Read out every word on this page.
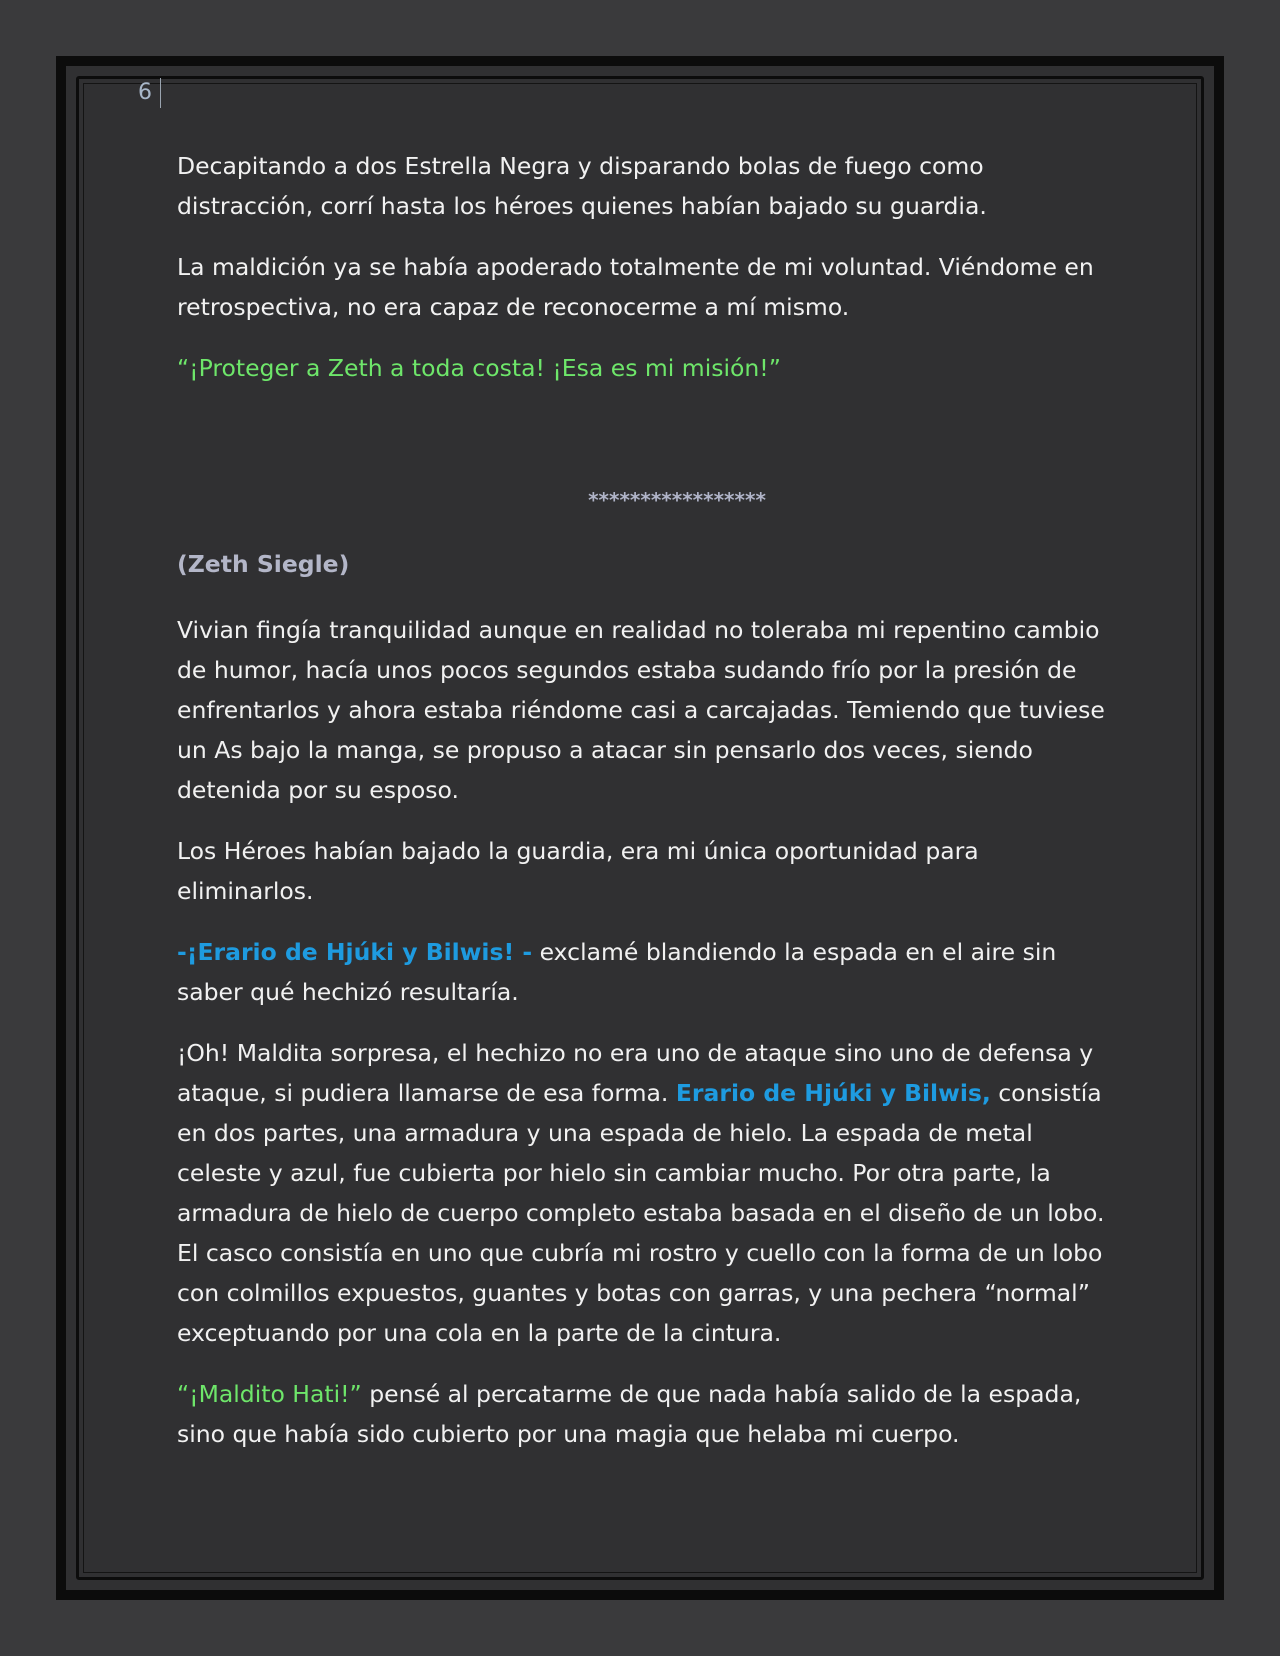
6

Decapitando a dos Estrella Negra y disparando bolas de fuego como distracción, corrí hasta los héroes quienes habían bajado su guardia.

La maldición ya se había apoderado totalmente de mi voluntad. Viéndome en retrospectiva, no era capaz de reconocerme a mí mismo.

“¡Proteger a Zeth a toda costa! ¡Esa es mi misión!”

*****************

(Zeth Siegle)

Vivian fingía tranquilidad aunque en realidad no toleraba mi repentino cambio de humor, hacía unos pocos segundos estaba sudando frío por la presión de enfrentarlos y ahora estaba riéndome casi a carcajadas. Temiendo que tuviese un As bajo la manga, se propuso a atacar sin pensarlo dos veces, siendo detenida por su esposo.

Los Héroes habían bajado la guardia, era mi única oportunidad para eliminarlos.

-¡Erario de Hjúki y Bilwis! - exclamé blandiendo la espada en el aire sin saber qué hechizó resultaría.

¡Oh! Maldita sorpresa, el hechizo no era uno de ataque sino uno de defensa y ataque, si pudiera llamarse de esa forma. Erario de Hjúki y Bilwis, consistía en dos partes, una armadura y una espada de hielo. La espada de metal celeste y azul, fue cubierta por hielo sin cambiar mucho. Por otra parte, la armadura de hielo de cuerpo completo estaba basada en el diseño de un lobo. El casco consistía en uno que cubría mi rostro y cuello con la forma de un lobo con colmillos expuestos, guantes y botas con garras, y una pechera “normal” exceptuando por una cola en la parte de la cintura.

“¡Maldito Hati!” pensé al percatarme de que nada había salido de la espada, sino que había sido cubierto por una magia que helaba mi cuerpo.
